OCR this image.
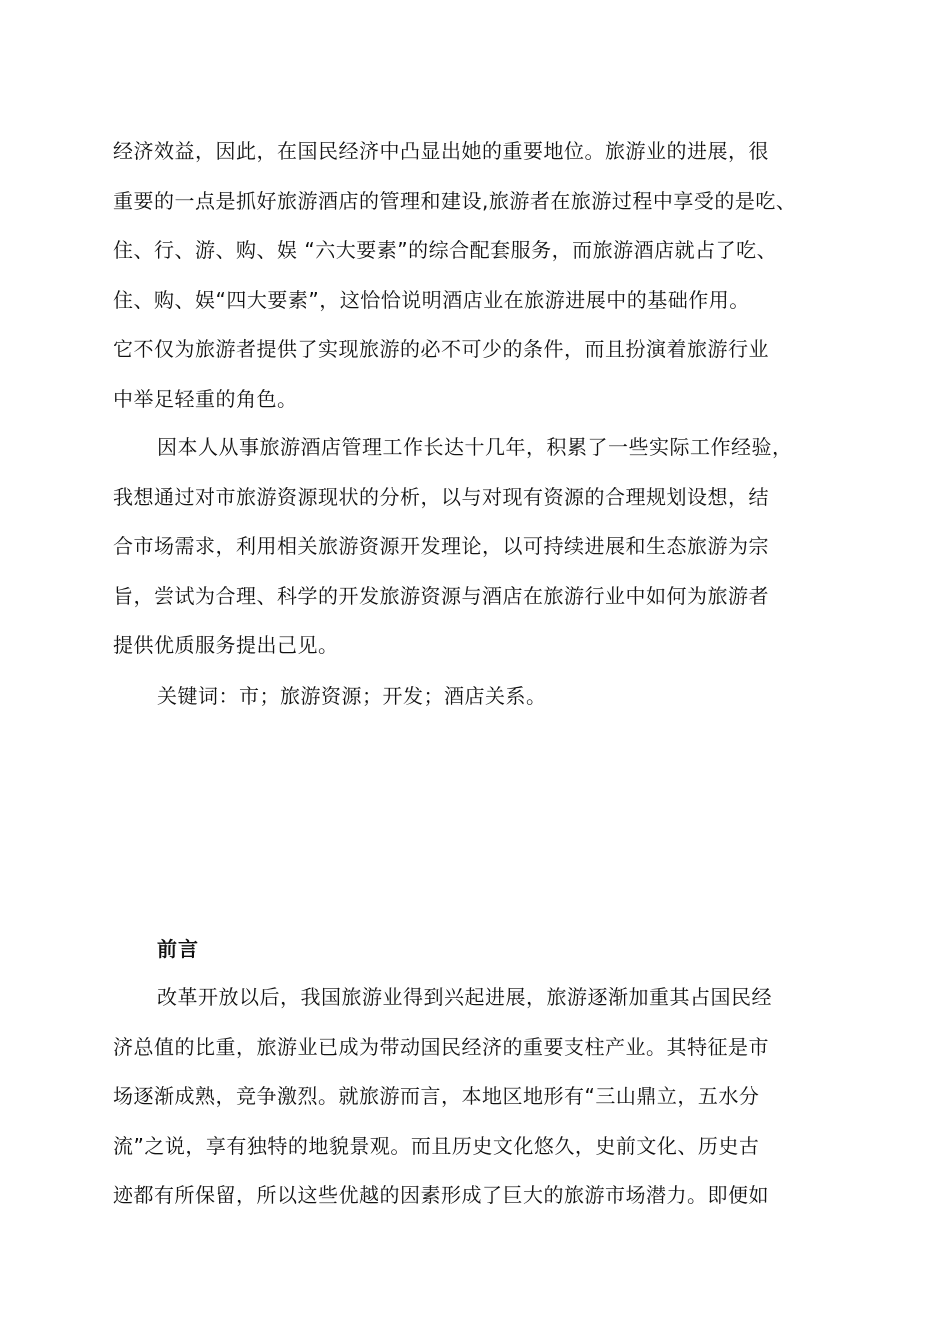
经济效益，因此，在国民经济中凸显出她的重要地位。旅游业的进展，很
重要的一点是抓好旅游酒店的管理和建设,旅游者在旅游过程中享受的是吃、
住、行、游、购、娱 “六大要素”的综合配套服务，而旅游酒店就占了吃、
住、购、娱“四大要素”，这恰恰说明酒店业在旅游进展中的基础作用。
它不仅为旅游者提供了实现旅游的必不可少的条件，而且扮演着旅游行业
中举足轻重的角色。
因本人从事旅游酒店管理工作长达十几年，积累了一些实际工作经验，
我想通过对市旅游资源现状的分析，以与对现有资源的合理规划设想，结
合市场需求，利用相关旅游资源开发理论，以可持续进展和生态旅游为宗
旨，尝试为合理、科学的开发旅游资源与酒店在旅游行业中如何为旅游者
提供优质服务提出己见。
关键词：市；旅游资源；开发；酒店关系。
前言
改革开放以后，我国旅游业得到兴起进展，旅游逐渐加重其占国民经
济总值的比重，旅游业已成为带动国民经济的重要支柱产业。其特征是市
场逐渐成熟，竞争激烈。就旅游而言，本地区地形有“三山鼎立，五水分
流”之说，享有独特的地貌景观。而且历史文化悠久，史前文化、历史古
迹都有所保留，所以这些优越的因素形成了巨大的旅游市场潜力。即便如
